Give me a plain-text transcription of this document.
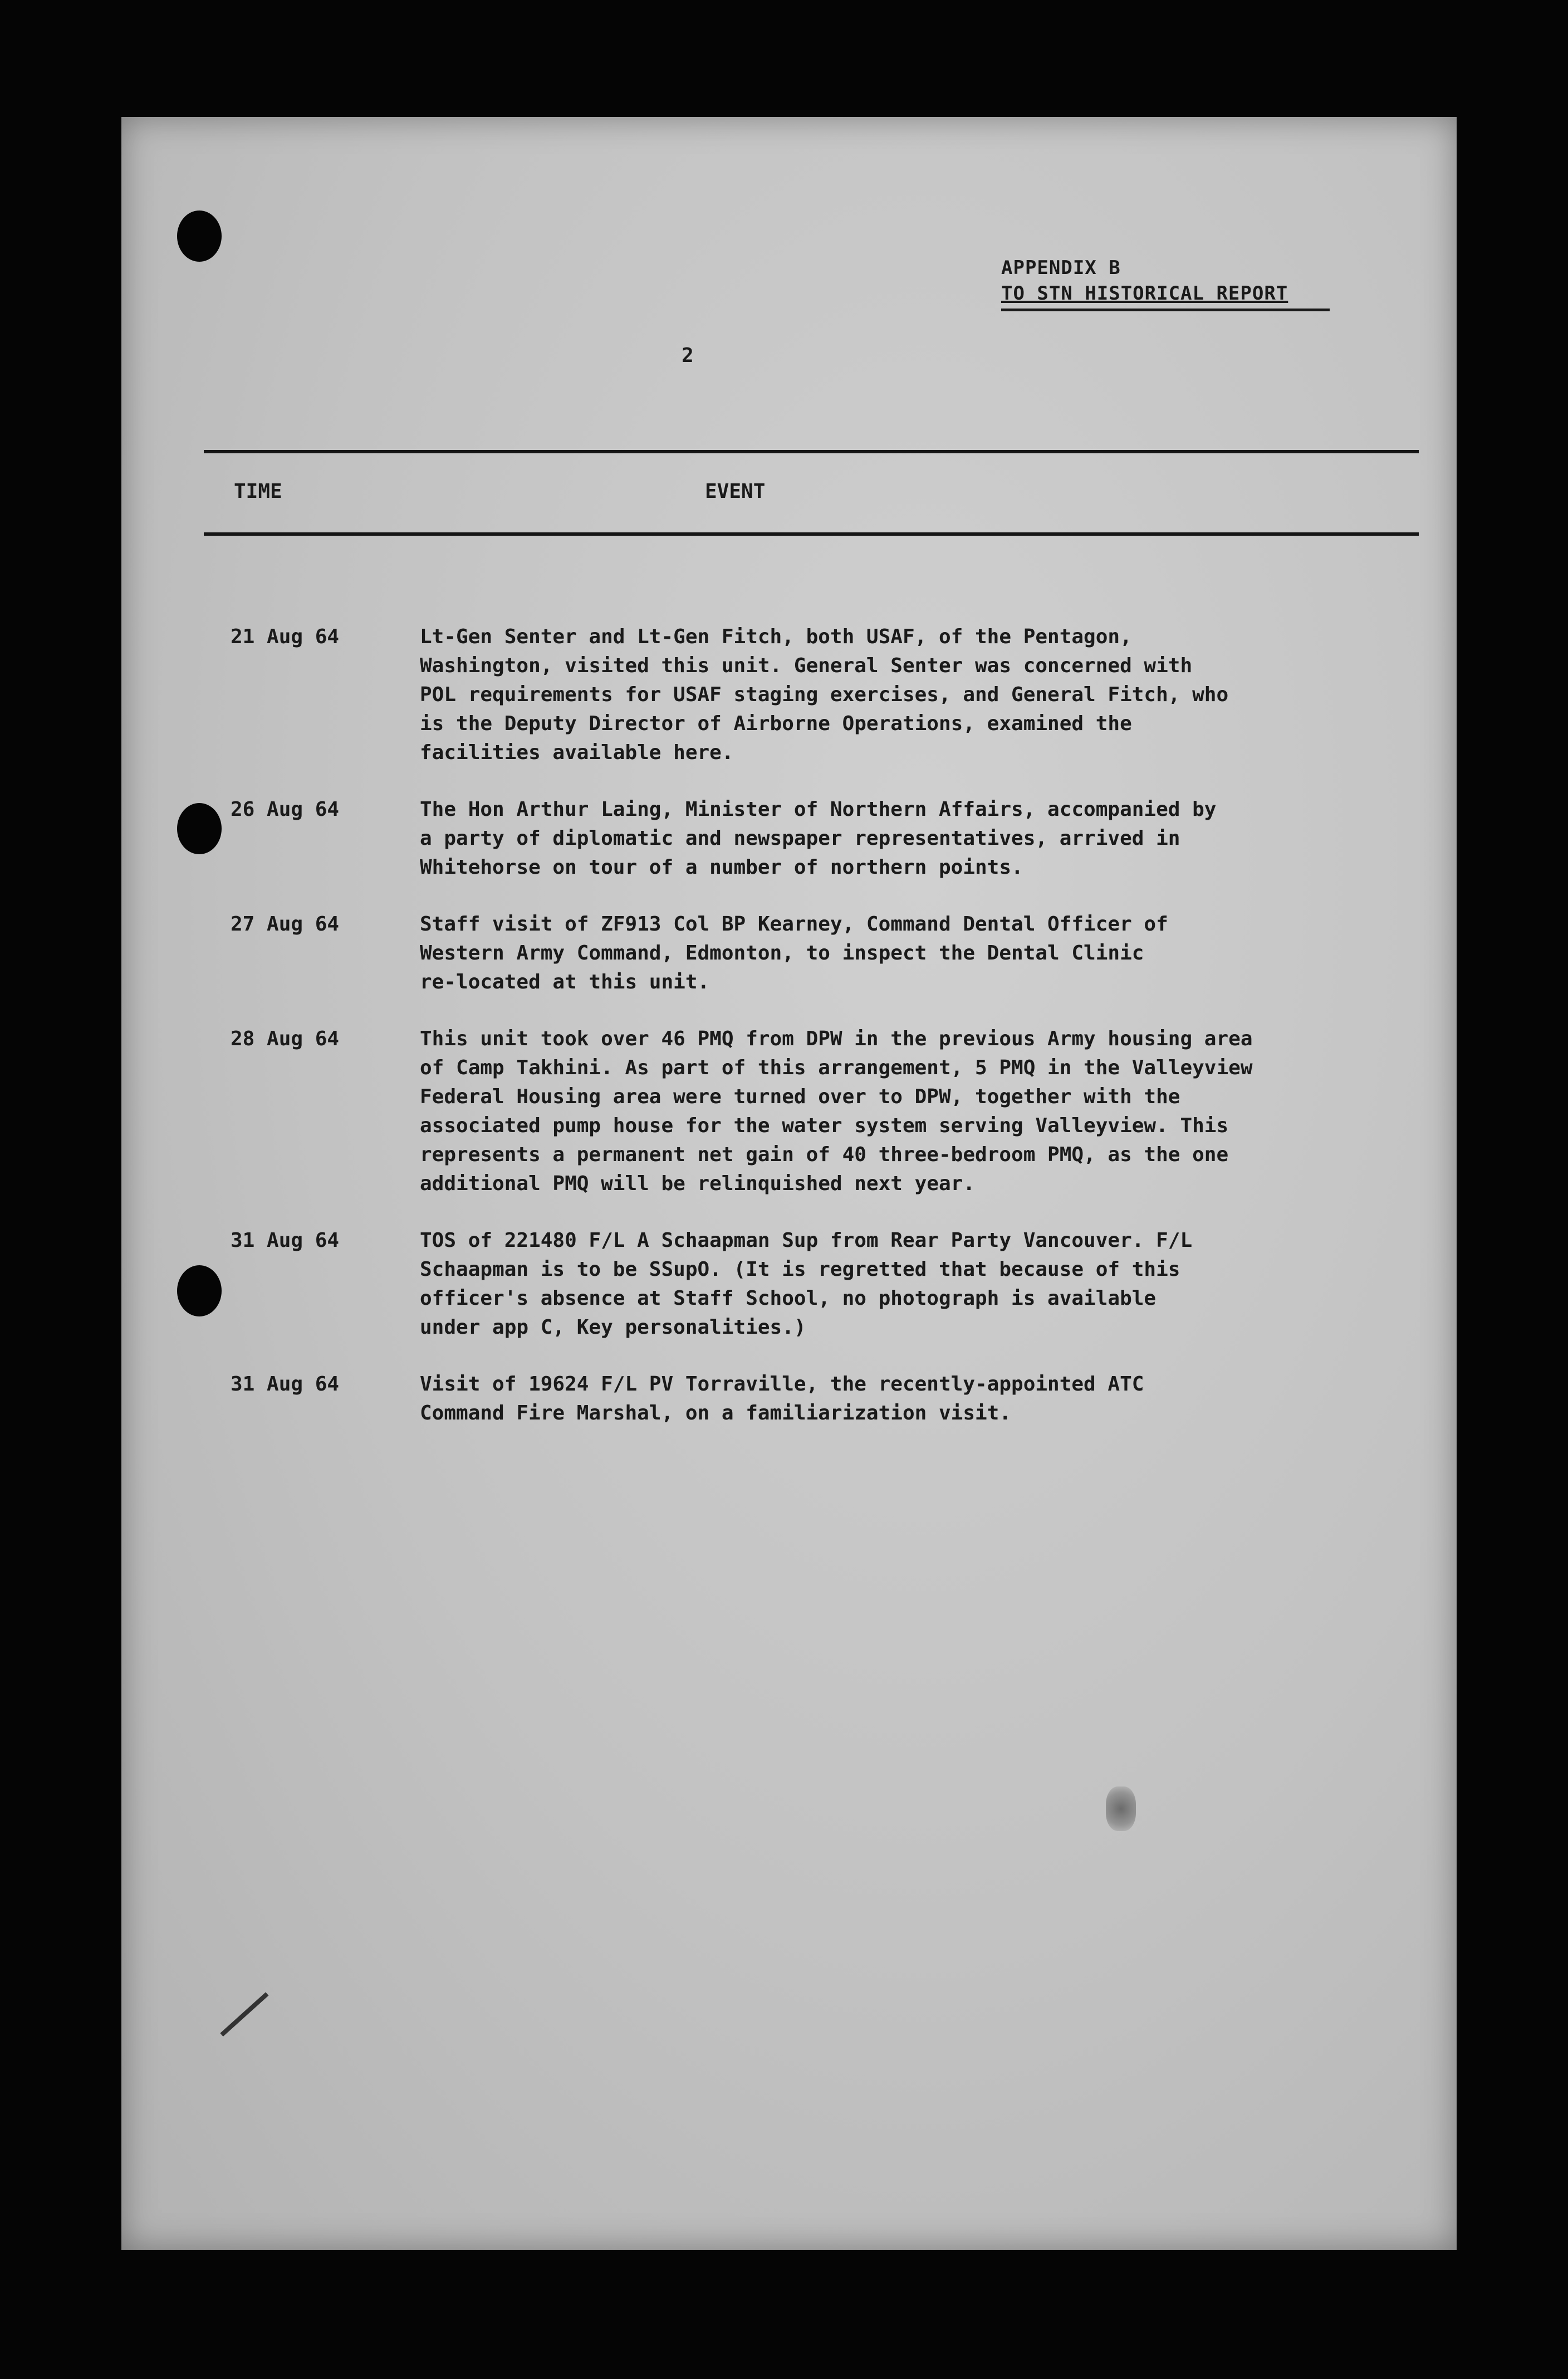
APPENDIX B
TO STN HISTORICAL REPORT
2
TIME	EVENT
21 Aug 64	Lt-Gen Senter and Lt-Gen Fitch, both USAF, of the Pentagon,
Washington, visited this unit. General Senter was concerned with
POL requirements for USAF staging exercises, and General Fitch, who
is the Deputy Director of Airborne Operations, examined the
facilities available here.
26 Aug 64	The Hon Arthur Laing, Minister of Northern Affairs, accompanied by
a party of diplomatic and newspaper representatives, arrived in
Whitehorse on tour of a number of northern points.
27 Aug 64	Staff visit of ZF913 Col BP Kearney, Command Dental Officer of
Western Army Command, Edmonton, to inspect the Dental Clinic
re-located at this unit.
28 Aug 64	This unit took over 46 PMQ from DPW in the previous Army housing area
of Camp Takhini. As part of this arrangement, 5 PMQ in the Valleyview
Federal Housing area were turned over to DPW, together with the
associated pump house for the water system serving Valleyview. This
represents a permanent net gain of 40 three-bedroom PMQ, as the one
additional PMQ will be relinquished next year.
31 Aug 64	TOS of 221480 F/L A Schaapman Sup from Rear Party Vancouver. F/L
Schaapman is to be SSupO. (It is regretted that because of this
officer's absence at Staff School, no photograph is available
under app C, Key personalities.)
31 Aug 64	Visit of 19624 F/L PV Torraville, the recently-appointed ATC
Command Fire Marshal, on a familiarization visit.
